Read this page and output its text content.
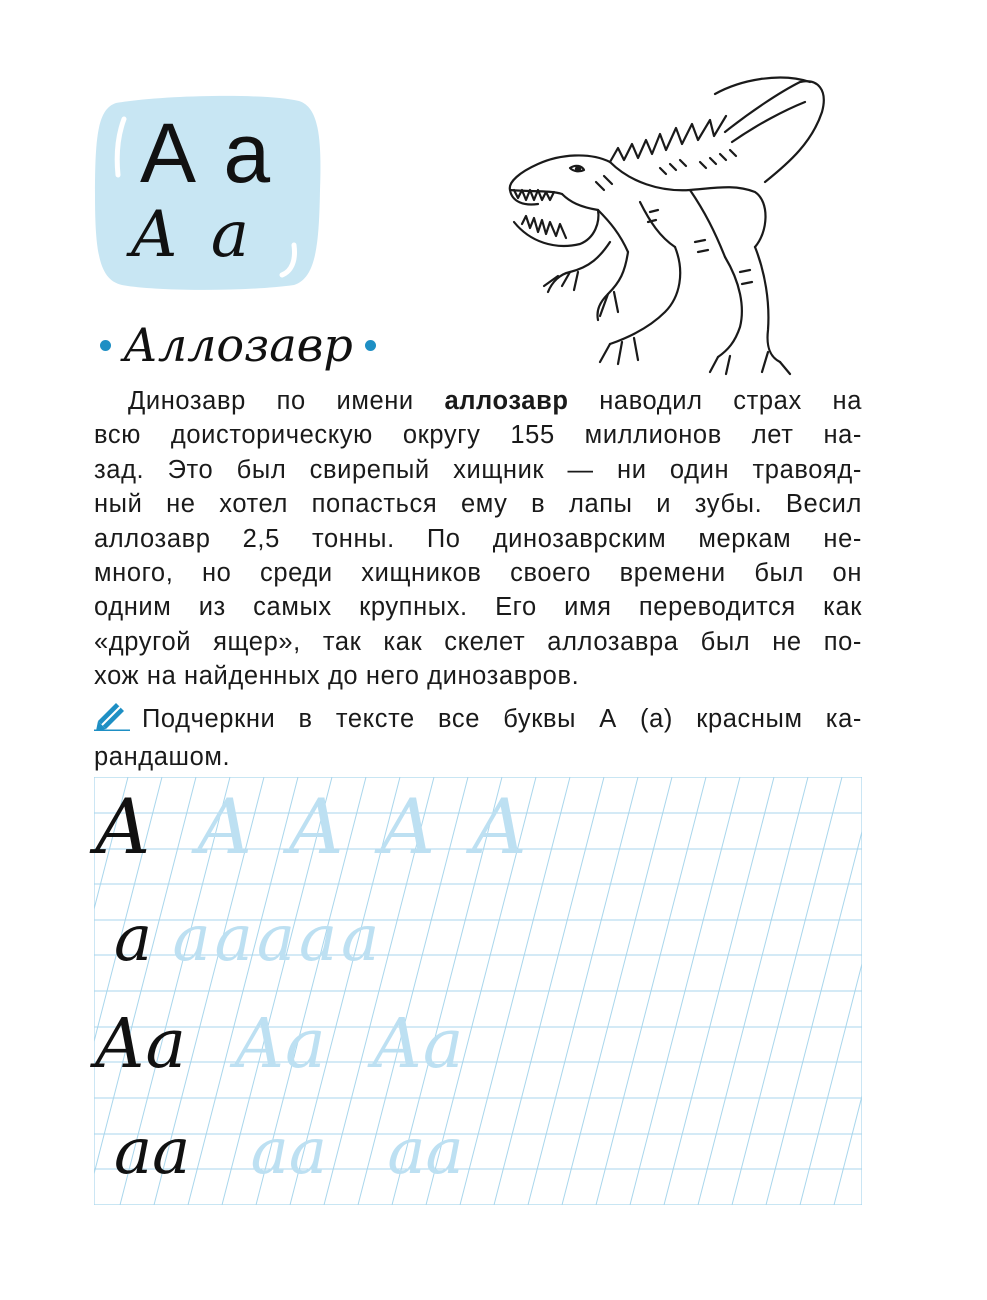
А а
А а
Аллозавр
Динозавр по имени аллозавр наводил страх на
всю доисторическую округу 155 миллионов лет на-
зад. Это был свирепый хищник — ни один травояд-
ный не хотел попасться ему в лапы и зубы. Весил
аллозавр 2,5 тонны. По динозаврским меркам не-
много, но среди хищников своего времени был он
одним из самых крупных. Его имя переводится как
«другой ящер», так как скелет аллозавра был не по-
хож на найденных до него динозавров.
Подчеркни в тексте все буквы А (а) красным ка-
рандашом.
А АААА
а ааааа
Аа Аа Аа
аа аа аа
